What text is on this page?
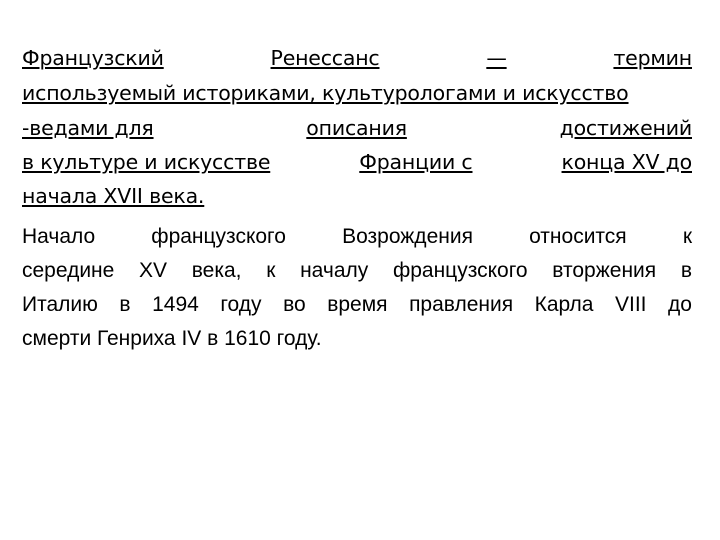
Французский	Ренессанс	—	термин
используемый историками, культурологами и искусство
-ведами для	описания	достижений
в культуре и искусстве	Франции с	конца XV до
начала XVII века.
Начало	французского	Возрождения	относится	к
середине XV века, к началу французского вторжения в
Италию в 1494 году во время правления Карла VIII до
смерти Генриха IV в 1610 году.
